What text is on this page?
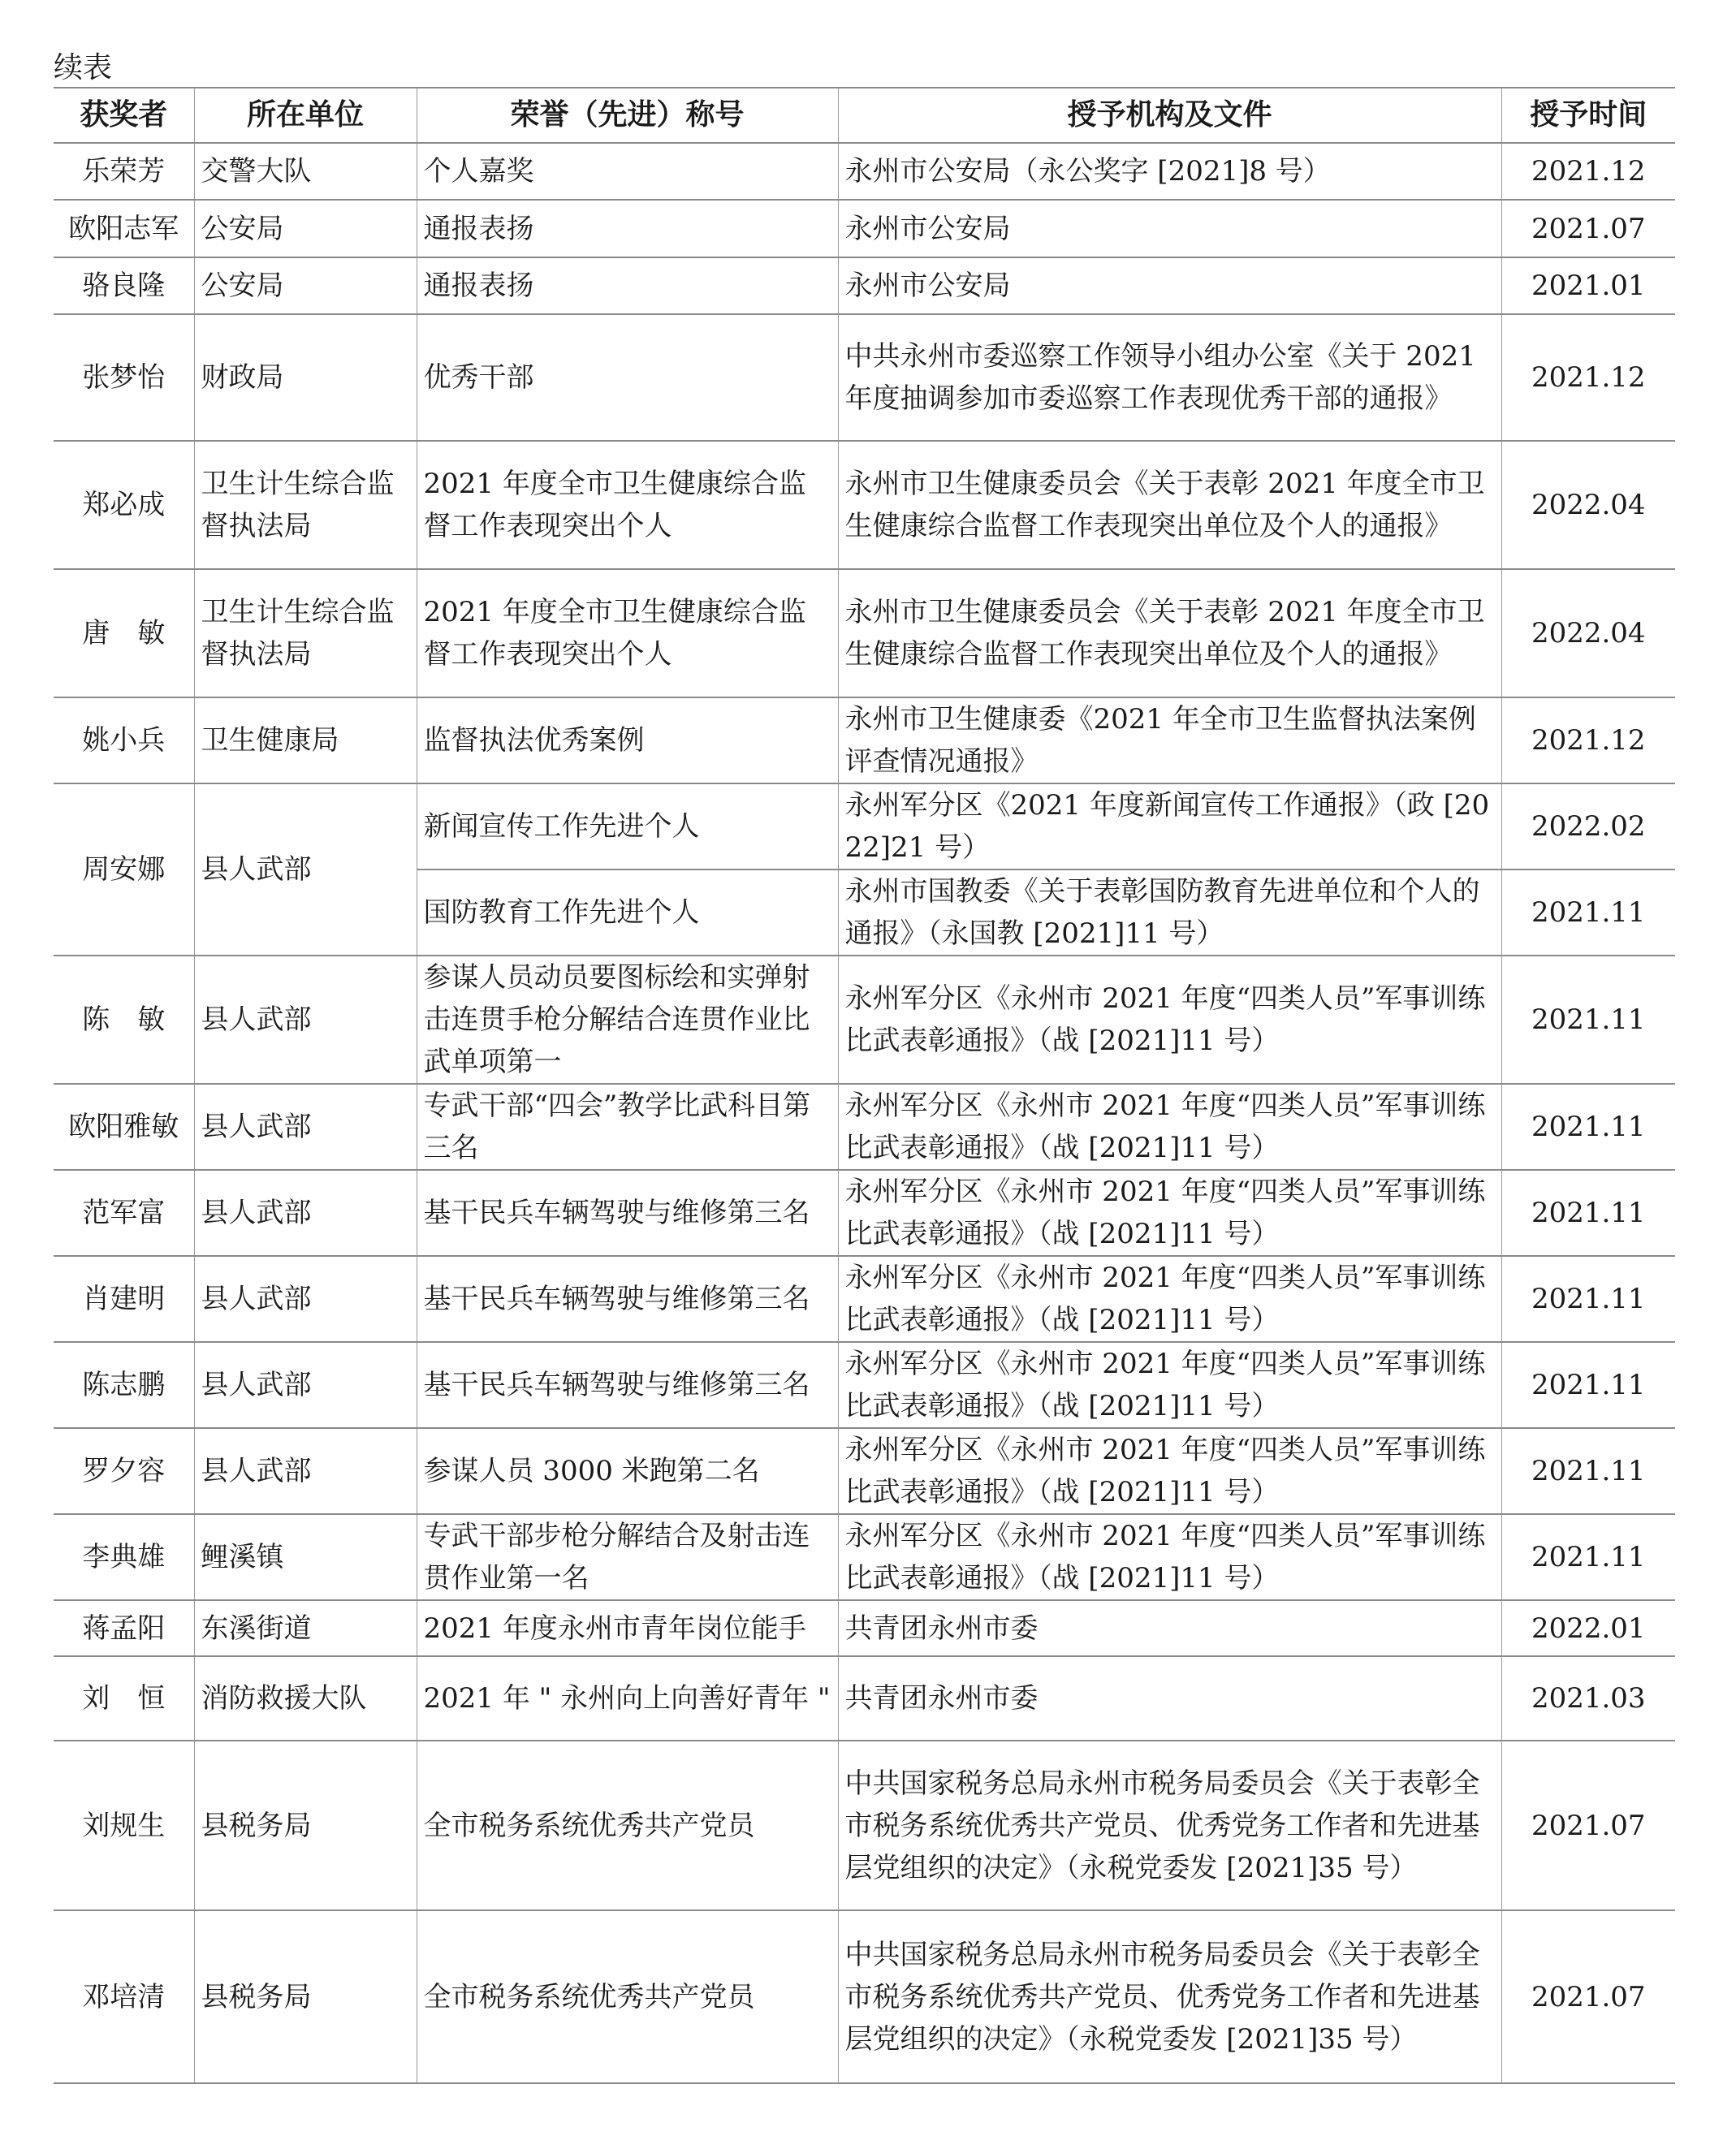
续表
获奖者	所在单位	荣誉（先进）称号	授予机构及文件	授予时间
乐荣芳	交警大队	个人嘉奖	永州市公安局（永公奖字 [2021]8 号）	2021.12
欧阳志军	公安局	通报表扬	永州市公安局	2021.07
骆良隆	公安局	通报表扬	永州市公安局	2021.01
张梦怡	财政局	优秀干部	中共永州市委巡察工作领导小组办公室《关于 2021 年度抽调参加市委巡察工作表现优秀干部的通报》	2021.12
郑必成	卫生计生综合监督执法局	2021 年度全市卫生健康综合监督工作表现突出个人	永州市卫生健康委员会《关于表彰 2021 年度全市卫生健康综合监督工作表现突出单位及个人的通报》	2022.04
唐　敏	卫生计生综合监督执法局	2021 年度全市卫生健康综合监督工作表现突出个人	永州市卫生健康委员会《关于表彰 2021 年度全市卫生健康综合监督工作表现突出单位及个人的通报》	2022.04
姚小兵	卫生健康局	监督执法优秀案例	永州市卫生健康委《2021 年全市卫生监督执法案例评查情况通报》	2021.12
周安娜	县人武部	新闻宣传工作先进个人	永州军分区《2021 年度新闻宣传工作通报》（政 [2022]21 号）	2022.02
		国防教育工作先进个人	永州市国教委《关于表彰国防教育先进单位和个人的通报》（永国教 [2021]11 号）	2021.11
陈　敏	县人武部	参谋人员动员要图标绘和实弹射击连贯手枪分解结合连贯作业比武单项第一	永州军分区《永州市 2021 年度“四类人员”军事训练比武表彰通报》（战 [2021]11 号）	2021.11
欧阳雅敏	县人武部	专武干部“四会”教学比武科目第三名	永州军分区《永州市 2021 年度“四类人员”军事训练比武表彰通报》（战 [2021]11 号）	2021.11
范军富	县人武部	基干民兵车辆驾驶与维修第三名	永州军分区《永州市 2021 年度“四类人员”军事训练比武表彰通报》（战 [2021]11 号）	2021.11
肖建明	县人武部	基干民兵车辆驾驶与维修第三名	永州军分区《永州市 2021 年度“四类人员”军事训练比武表彰通报》（战 [2021]11 号）	2021.11
陈志鹏	县人武部	基干民兵车辆驾驶与维修第三名	永州军分区《永州市 2021 年度“四类人员”军事训练比武表彰通报》（战 [2021]11 号）	2021.11
罗夕容	县人武部	参谋人员 3000 米跑第二名	永州军分区《永州市 2021 年度“四类人员”军事训练比武表彰通报》（战 [2021]11 号）	2021.11
李典雄	鲤溪镇	专武干部步枪分解结合及射击连贯作业第一名	永州军分区《永州市 2021 年度“四类人员”军事训练比武表彰通报》（战 [2021]11 号）	2021.11
蒋孟阳	东溪街道	2021 年度永州市青年岗位能手	共青团永州市委	2022.01
刘　恒	消防救援大队	2021 年 " 永州向上向善好青年 "	共青团永州市委	2021.03
刘规生	县税务局	全市税务系统优秀共产党员	中共国家税务总局永州市税务局委员会《关于表彰全市税务系统优秀共产党员、优秀党务工作者和先进基层党组织的决定》（永税党委发 [2021]35 号）	2021.07
邓培清	县税务局	全市税务系统优秀共产党员	中共国家税务总局永州市税务局委员会《关于表彰全市税务系统优秀共产党员、优秀党务工作者和先进基层党组织的决定》（永税党委发 [2021]35 号）	2021.07
